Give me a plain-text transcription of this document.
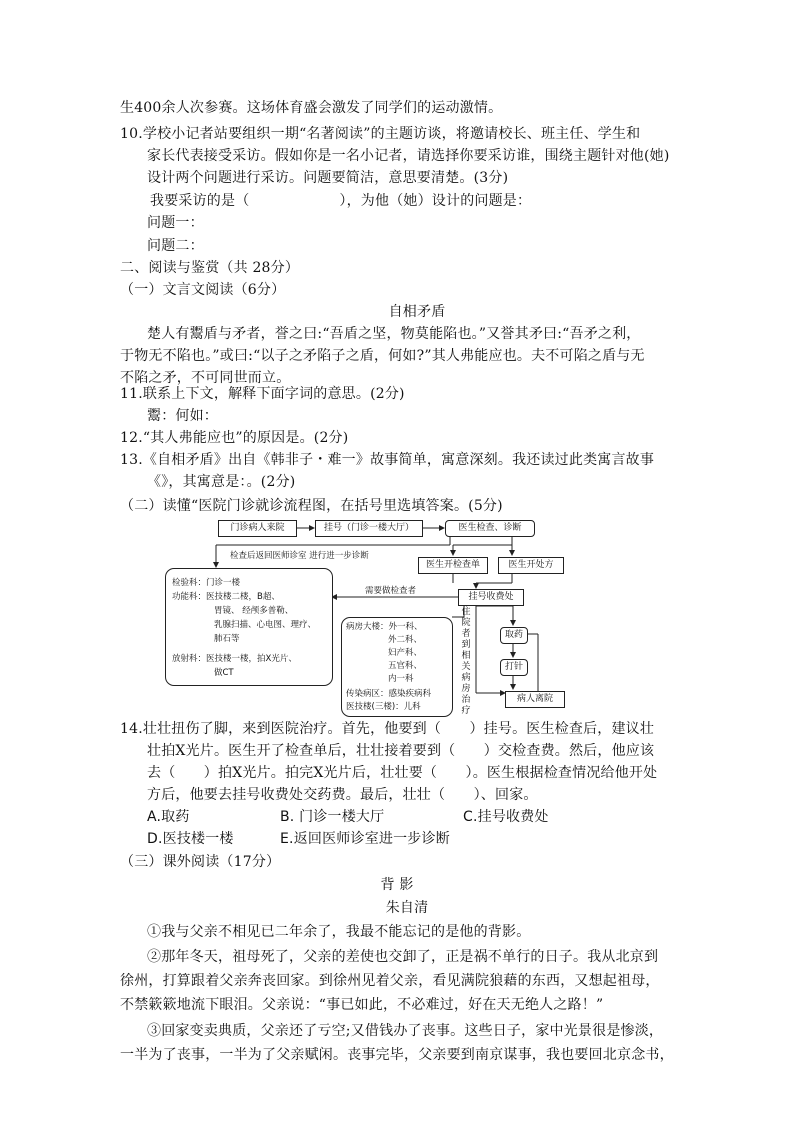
生400余人次参赛。这场体育盛会激发了同学们的运动激情。
10.学校小记者站要组织一期“名著阅读”的主题访谈，将邀请校长、班主任、学生和
家长代表接受采访。假如你是一名小记者，请选择你要采访谁，围绕主题针对他(她)
设计两个问题进行采访。问题要简洁，意思要清楚。(3分)
我要采访的是（	），为他（她）设计的问题是：
问题一：
问题二：
二、阅读与鉴赏（共 28分）
（一）文言文阅读（6分）
自相矛盾
楚人有鬻盾与矛者，誉之曰:“吾盾之坚，物莫能陷也。”又誉其矛曰:“吾矛之利，
于物无不陷也。”或曰:“以子之矛陷子之盾，何如?”其人弗能应也。夫不可陷之盾与无
不陷之矛，不可同世而立。
11.联系上下文，解释下面字词的意思。(2分)
鬻：何如：
12.“其人弗能应也”的原因是。(2分)
13.《自相矛盾》出自《韩非子・难一》故事简单，寓意深刻。我还读过此类寓言故事
《》，其寓意是：。(2分)
（二）读懂“医院门诊就诊流程图，在括号里选填答案。(5分)
门诊病人来院	挂号（门诊一楼大厅）	医生检查、诊断
检查后返回医师诊室 进行进一步诊断
医生开检查单	医生开处方
需要做检查者
挂号收费处
检验科：门诊一楼
功能科：医技楼二楼，B超、
胃镜、 经颅多普勒、
乳腺扫描、心电图、理疗、
肺石等
放射科：医技楼一楼，拍X光片、
做CT
病房大楼：外一科、
外二科、
妇产科、
五官科、
内一科
传染病区：感染疾病科
医技楼(三楼)：儿科
住院者到相关病房治疗
取药
打针
病人离院
14.壮壮扭伤了脚，来到医院治疗。首先，他要到（　　）挂号。医生检查后，建议壮
壮拍X光片。医生开了检查单后，壮壮接着要到（　　）交检查费。然后，他应该
去（　　）拍X光片。拍完X光片后，壮壮要（　　）。医生根据检查情况给他开处
方后，他要去挂号收费处交药费。最后，壮壮（　　）、回家。
A.取药	B. 门诊一楼大厅	C.挂号收费处
D.医技楼一楼	E.返回医师诊室进一步诊断
（三）课外阅读（17分）
背 影
朱自清
①我与父亲不相见已二年余了，我最不能忘记的是他的背影。
②那年冬天，祖母死了，父亲的差使也交卸了，正是祸不单行的日子。我从北京到
徐州，打算跟着父亲奔丧回家。到徐州见着父亲，看见满院狼藉的东西，又想起祖母，
不禁簌簌地流下眼泪。父亲说：“事已如此，不必难过，好在天无绝人之路！”
③回家变卖典质，父亲还了亏空;又借钱办了丧事。这些日子，家中光景很是惨淡，
一半为了丧事，一半为了父亲赋闲。丧事完毕，父亲要到南京谋事，我也要回北京念书，
